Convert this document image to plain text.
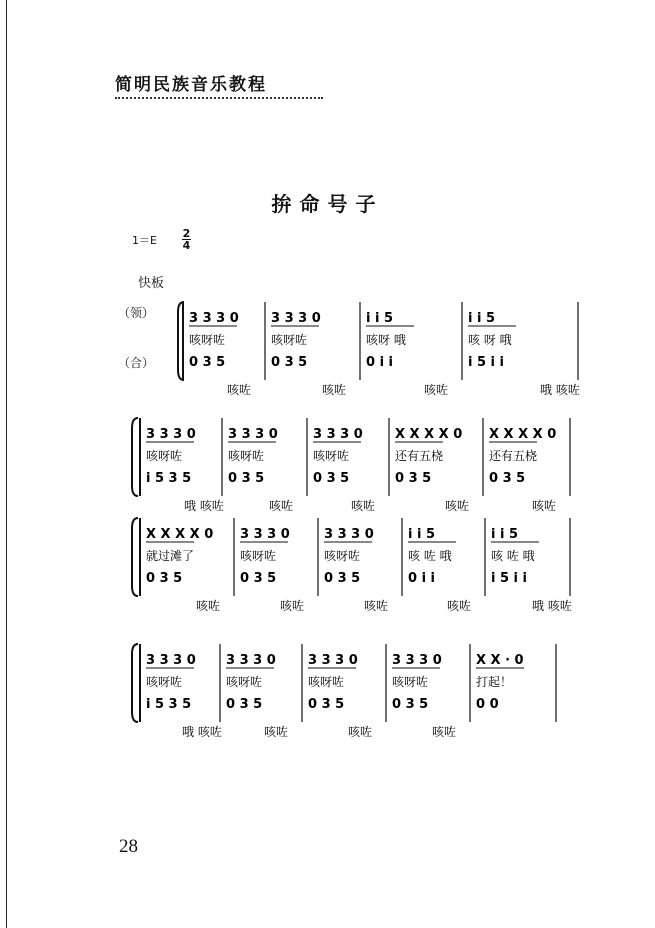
简明民族音乐教程
拚命号子
1＝E
2
4
快板
（领）
（合）
3 3 3 0
咳呀咗
0 3 5
咳咗
3 3 3 0
咳呀咗
0 3 5
咳咗
i i 5
咳呀 哦
0 i i
咳咗
i i 5
咳 呀 哦
i 5 i i
哦 咳咗
3 3 3 0
咳呀咗
i 5 3 5
哦 咳咗
3 3 3 0
咳呀咗
0 3 5
咳咗
3 3 3 0
咳呀咗
0 3 5
咳咗
X X X X 0
还有五桡
0 3 5
咳咗
X X X X 0
还有五桡
0 3 5
咳咗
X X X X 0
就过滩了
0 3 5
咳咗
3 3 3 0
咳呀咗
0 3 5
咳咗
3 3 3 0
咳呀咗
0 3 5
咳咗
i i 5
咳 咗 哦
0 i i
咳咗
i i 5
咳 咗 哦
i 5 i i
哦 咳咗
3 3 3 0
咳呀咗
i 5 3 5
哦 咳咗
3 3 3 0
咳呀咗
0 3 5
咳咗
3 3 3 0
咳呀咗
0 3 5
咳咗
3 3 3 0
咳呀咗
0 3 5
咳咗
X X · 0
打起！
0 0
28
